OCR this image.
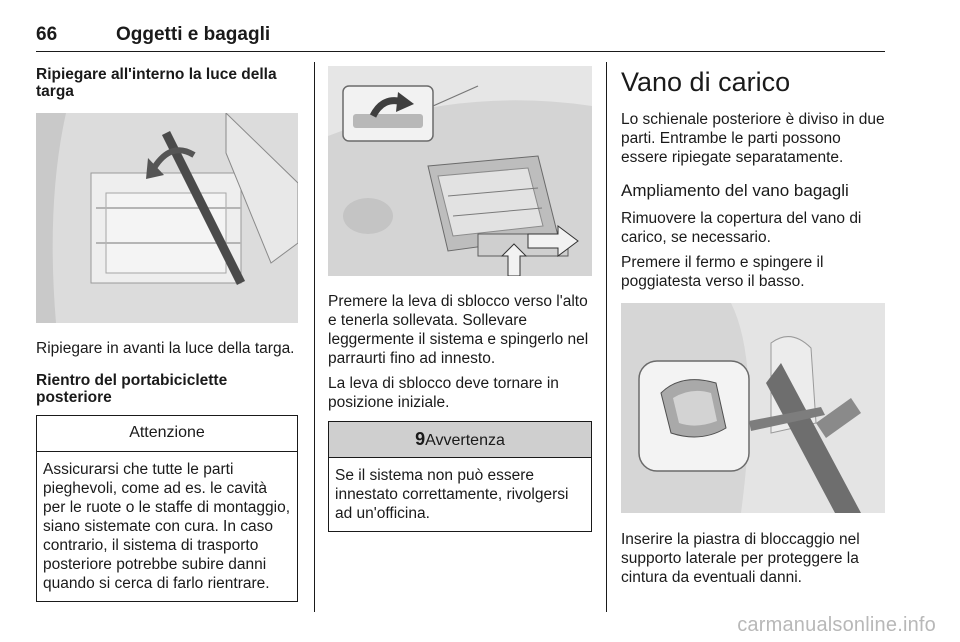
66	Oggetti e bagagli
Ripiegare all'interno la luce della targa
Ripiegare in avanti la luce della targa.
Rientro del portabiciclette posteriore
Attenzione
Assicurarsi che tutte le parti pieghevoli, come ad es. le cavità per le ruote o le staffe di montaggio, siano sistemate con cura. In caso contrario, il sistema di trasporto posteriore potrebbe subire danni quando si cerca di farlo rientrare.
Premere la leva di sblocco verso l'alto e tenerla sollevata. Sollevare leggermente il sistema e spingerlo nel parraurti fino ad innesto.
La leva di sblocco deve tornare in posizione iniziale.
9Avvertenza
Se il sistema non può essere innestato correttamente, rivolgersi ad un'officina.
Vano di carico
Lo schienale posteriore è diviso in due parti. Entrambe le parti possono essere ripiegate separatamente.
Ampliamento del vano bagagli
Rimuovere la copertura del vano di carico, se necessario.
Premere il fermo e spingere il poggiatesta verso il basso.
Inserire la piastra di bloccaggio nel supporto laterale per proteggere la cintura da eventuali danni.
carmanualsonline.info
